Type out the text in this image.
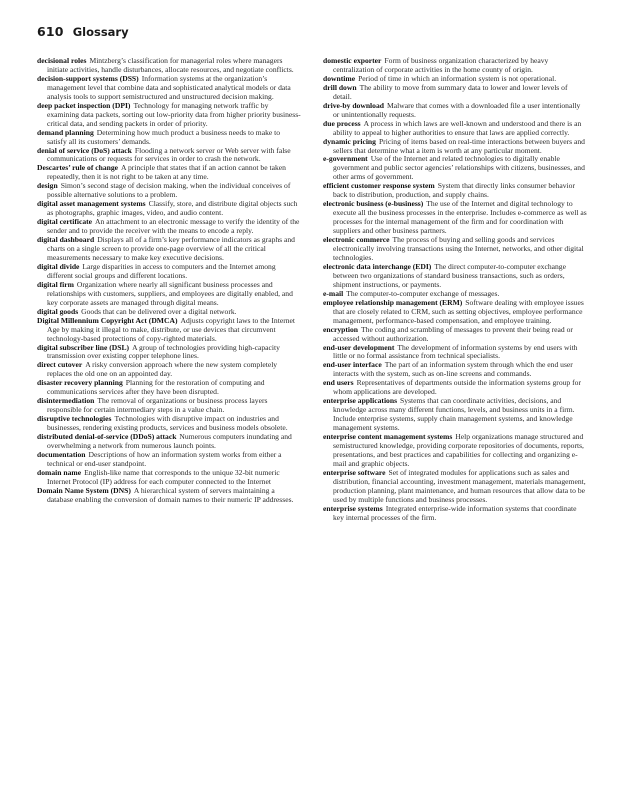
610 Glossary

decisional roles Mintzberg’s classification for managerial roles where managers initiate activities, handle disturbances, allocate resources, and negotiate conflicts.

decision-support systems (DSS) Information systems at the organization’s management level that combine data and sophisticated analytical models or data analysis tools to support semistructured and unstructured decision making.

deep packet inspection (DPI) Technology for managing network traffic by examining data packets, sorting out low-priority data from higher priority business-critical data, and sending packets in order of priority.

demand planning Determining how much product a business needs to make to satisfy all its customers’ demands.

denial of service (DoS) attack Flooding a network server or Web server with false communications or requests for services in order to crash the network.

Descartes’ rule of change A principle that states that if an action cannot be taken repeatedly, then it is not right to be taken at any time.

design Simon’s second stage of decision making, when the individual conceives of possible alternative solutions to a problem.

digital asset management systems Classify, store, and distribute digital objects such as photographs, graphic images, video, and audio content.

digital certificate An attachment to an electronic message to verify the identity of the sender and to provide the receiver with the means to encode a reply.

digital dashboard Displays all of a firm’s key performance indicators as graphs and charts on a single screen to provide one-page overview of all the critical measurements necessary to make key executive decisions.

digital divide Large disparities in access to computers and the Internet among different social groups and different locations.

digital firm Organization where nearly all significant business processes and relationships with customers, suppliers, and employees are digitally enabled, and key corporate assets are managed through digital means.

digital goods Goods that can be delivered over a digital network.

Digital Millennium Copyright Act (DMCA) Adjusts copyright laws to the Internet Age by making it illegal to make, distribute, or use devices that circumvent technology-based protections of copy-righted materials.

digital subscriber line (DSL) A group of technologies providing high-capacity transmission over existing copper telephone lines.

direct cutover A risky conversion approach where the new system completely replaces the old one on an appointed day.

disaster recovery planning Planning for the restoration of computing and communications services after they have been disrupted.

disintermediation The removal of organizations or business process layers responsible for certain intermediary steps in a value chain.

disruptive technologies Technologies with disruptive impact on industries and businesses, rendering existing products, services and business models obsolete.

distributed denial-of-service (DDoS) attack Numerous computers inundating and overwhelming a network from numerous launch points.

documentation Descriptions of how an information system works from either a technical or end-user standpoint.

domain name English-like name that corresponds to the unique 32-bit numeric Internet Protocol (IP) address for each computer connected to the Internet

Domain Name System (DNS) A hierarchical system of servers maintaining a database enabling the conversion of domain names to their numeric IP addresses.

domestic exporter Form of business organization characterized by heavy centralization of corporate activities in the home county of origin.

downtime Period of time in which an information system is not operational.

drill down The ability to move from summary data to lower and lower levels of detail.

drive-by download Malware that comes with a downloaded file a user intentionally or unintentionally requests.

due process A process in which laws are well-known and understood and there is an ability to appeal to higher authorities to ensure that laws are applied correctly.

dynamic pricing Pricing of items based on real-time interactions between buyers and sellers that determine what a item is worth at any particular moment.

e-government Use of the Internet and related technologies to digitally enable government and public sector agencies’ relationships with citizens, businesses, and other arms of government.

efficient customer response system System that directly links consumer behavior back to distribution, production, and supply chains.

electronic business (e-business) The use of the Internet and digital technology to execute all the business processes in the enterprise. Includes e-commerce as well as processes for the internal management of the firm and for coordination with suppliers and other business partners.

electronic commerce The process of buying and selling goods and services electronically involving transactions using the Internet, networks, and other digital technologies.

electronic data interchange (EDI) The direct computer-to-computer exchange between two organizations of standard business transactions, such as orders, shipment instructions, or payments.

e-mail The computer-to-computer exchange of messages.

employee relationship management (ERM) Software dealing with employee issues that are closely related to CRM, such as setting objectives, employee performance management, performance-based compensation, and employee training.

encryption The coding and scrambling of messages to prevent their being read or accessed without authorization.

end-user development The development of information systems by end users with little or no formal assistance from technical specialists.

end-user interface The part of an information system through which the end user interacts with the system, such as on-line screens and commands.

end users Representatives of departments outside the information systems group for whom applications are developed.

enterprise applications Systems that can coordinate activities, decisions, and knowledge across many different functions, levels, and business units in a firm. Include enterprise systems, supply chain management systems, and knowledge management systems.

enterprise content management systems Help organizations manage structured and semistructured knowledge, providing corporate repositories of documents, reports, presentations, and best practices and capabilities for collecting and organizing e-mail and graphic objects.

enterprise software Set of integrated modules for applications such as sales and distribution, financial accounting, investment management, materials management, production planning, plant maintenance, and human resources that allow data to be used by multiple functions and business processes.

enterprise systems Integrated enterprise-wide information systems that coordinate key internal processes of the firm.
